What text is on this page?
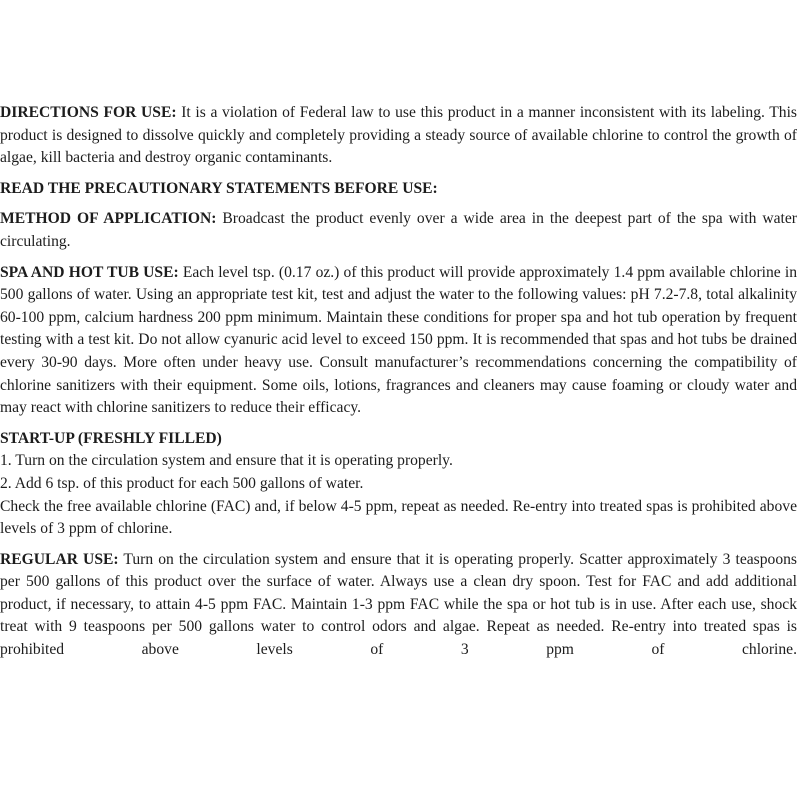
DIRECTIONS FOR USE: It is a violation of Federal law to use this product in a manner inconsistent with its labeling. This product is designed to dissolve quickly and completely providing a steady source of available chlorine to control the growth of algae, kill bacteria and destroy organic contaminants.

READ THE PRECAUTIONARY STATEMENTS BEFORE USE:

METHOD OF APPLICATION: Broadcast the product evenly over a wide area in the deepest part of the spa with water circulating.

SPA AND HOT TUB USE: Each level tsp. (0.17 oz.) of this product will provide approximately 1.4 ppm available chlorine in 500 gallons of water. Using an appropriate test kit, test and adjust the water to the following values: pH 7.2-7.8, total alkalinity 60-100 ppm, calcium hardness 200 ppm minimum. Maintain these conditions for proper spa and hot tub operation by frequent testing with a test kit. Do not allow cyanuric acid level to exceed 150 ppm. It is recommended that spas and hot tubs be drained every 30-90 days. More often under heavy use. Consult manufacturer’s recommendations concerning the compatibility of chlorine sanitizers with their equipment. Some oils, lotions, fragrances and cleaners may cause foaming or cloudy water and may react with chlorine sanitizers to reduce their efficacy.

START-UP (FRESHLY FILLED)

1. Turn on the circulation system and ensure that it is operating properly.

2. Add 6 tsp. of this product for each 500 gallons of water.

Check the free available chlorine (FAC) and, if below 4-5 ppm, repeat as needed. Re-entry into treated spas is prohibited above levels of 3 ppm of chlorine.

REGULAR USE: Turn on the circulation system and ensure that it is operating properly. Scatter approximately 3 teaspoons per 500 gallons of this product over the surface of water. Always use a clean dry spoon. Test for FAC and add additional product, if necessary, to attain 4-5 ppm FAC. Maintain 1-3 ppm FAC while the spa or hot tub is in use. After each use, shock treat with 9 teaspoons per 500 gallons water to control odors and algae. Repeat as needed. Re-entry into treated spas is prohibited above levels of 3 ppm of chlorine.
